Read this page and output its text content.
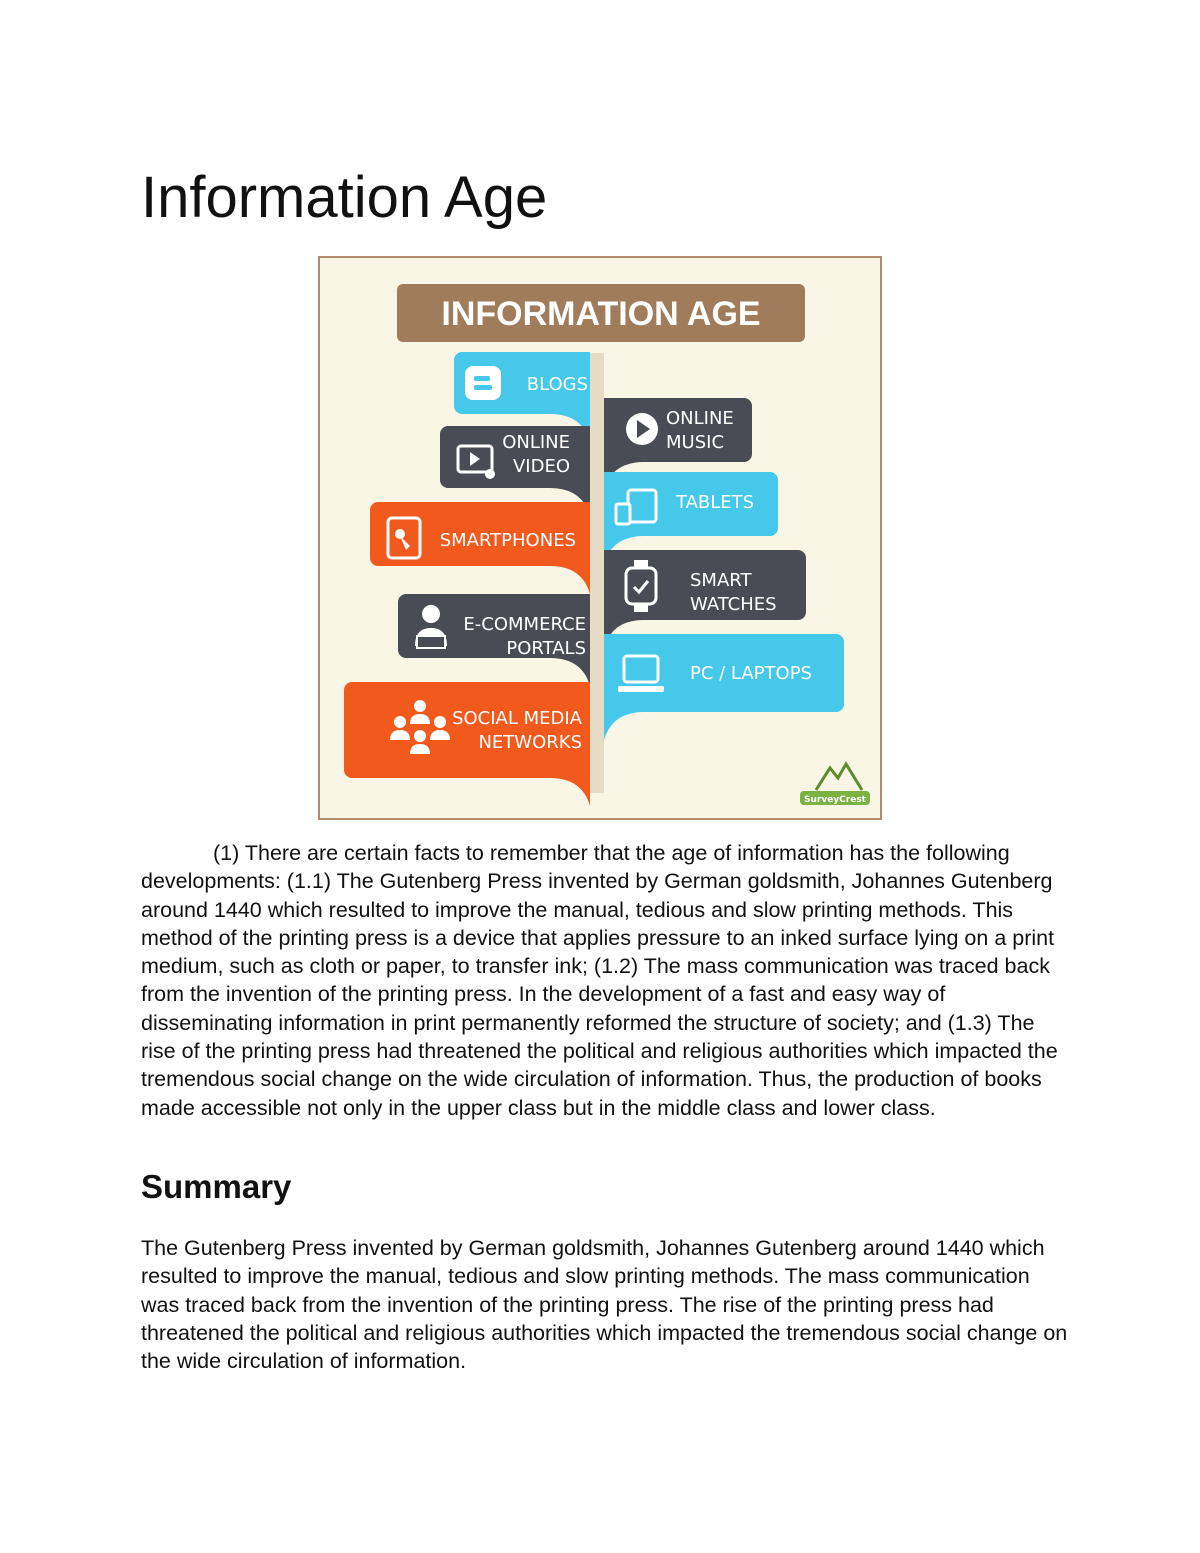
Information Age
INFORMATION AGE
BLOGS
ONLINE
VIDEO
SMARTPHONES
E-COMMERCE
PORTALS
SOCIAL MEDIA
NETWORKS
ONLINE
MUSIC
TABLETS
SMART
WATCHES
PC / LAPTOPS
SurveyCrest

(1) There are certain facts to remember that the age of information has the following developments: (1.1) The Gutenberg Press invented by German goldsmith, Johannes Gutenberg around 1440 which resulted to improve the manual, tedious and slow printing methods. This method of the printing press is a device that applies pressure to an inked surface lying on a print medium, such as cloth or paper, to transfer ink; (1.2) The mass communication was traced back from the invention of the printing press. In the development of a fast and easy way of disseminating information in print permanently reformed the structure of society; and (1.3) The rise of the printing press had threatened the political and religious authorities which impacted the tremendous social change on the wide circulation of information. Thus, the production of books made accessible not only in the upper class but in the middle class and lower class.

Summary

The Gutenberg Press invented by German goldsmith, Johannes Gutenberg around 1440 which resulted to improve the manual, tedious and slow printing methods. The mass communication was traced back from the invention of the printing press. The rise of the printing press had threatened the political and religious authorities which impacted the tremendous social change on the wide circulation of information.
